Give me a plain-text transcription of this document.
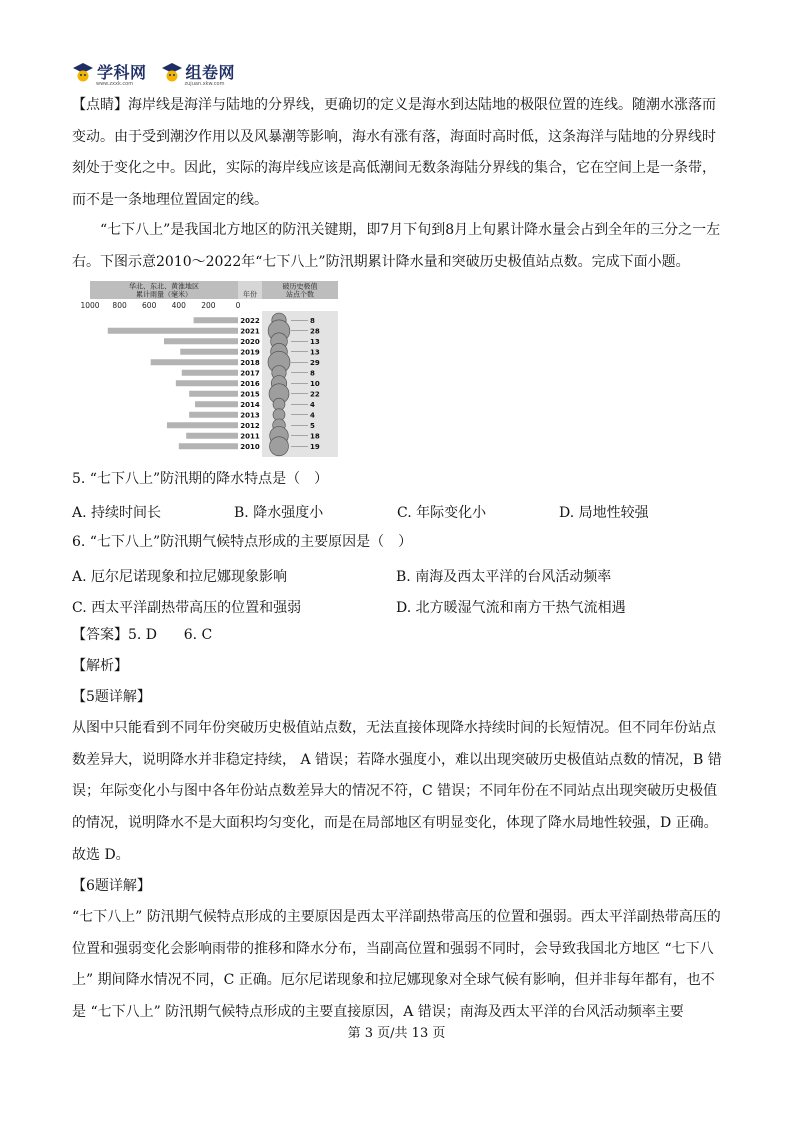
学科网
www.zxxk.com
组卷网
zujuan.xkw.com
【点睛】海岸线是海洋与陆地的分界线，更确切的定义是海水到达陆地的极限位置的连线。随潮水涨落而变动。由于受到潮汐作用以及风暴潮等影响，海水有涨有落，海面时高时低，这条海洋与陆地的分界线时刻处于变化之中。因此，实际的海岸线应该是高低潮间无数条海陆分界线的集合，它在空间上是一条带，而不是一条地理位置固定的线。
“七下八上”是我国北方地区的防汛关键期，即7月下旬到8月上旬累计降水量会占到全年的三分之一左右。下图示意2010～2022年“七下八上”防汛期累计降水量和突破历史极值站点数。完成下面小题。
华北、东北、黄淮地区
累计雨量（毫米）	年份
破历史极值
站点个数
1000 800 600 400 200	0
2022
2021
2020
2019
2018
2017
2016
2015
2014
2013
2012
2011
2010
8
28
13
13
29
8
10
22
4
4
5
18
19
5. “七下八上”防汛期的降水特点是（　）
A. 持续时间长	B. 降水强度小	C. 年际变化小	D. 局地性较强
6. “七下八上”防汛期气候特点形成的主要原因是（　）
A. 厄尔尼诺现象和拉尼娜现象影响	B. 南海及西太平洋的台风活动频率
C. 西太平洋副热带高压的位置和强弱	D. 北方暖湿气流和南方干热气流相遇
【答案】5. D      6. C
【解析】
【5题详解】
从图中只能看到不同年份突破历史极值站点数，无法直接体现降水持续时间的长短情况。但不同年份站点数差异大，说明降水并非稳定持续， A 错误；若降水强度小，难以出现突破历史极值站点数的情况，B 错误；年际变化小与图中各年份站点数差异大的情况不符，C 错误；不同年份在不同站点出现突破历史极值的情况，说明降水不是大面积均匀变化，而是在局部地区有明显变化，体现了降水局地性较强，D 正确。
故选 D。
【6题详解】
“七下八上” 防汛期气候特点形成的主要原因是西太平洋副热带高压的位置和强弱。西太平洋副热带高压的位置和强弱变化会影响雨带的推移和降水分布，当副高位置和强弱不同时，会导致我国北方地区 “七下八上” 期间降水情况不同，C 正确。厄尔尼诺现象和拉尼娜现象对全球气候有影响，但并非每年都有，也不是 “七下八上” 防汛期气候特点形成的主要直接原因，A 错误；南海及西太平洋的台风活动频率主要
第 3 页/共 13 页
